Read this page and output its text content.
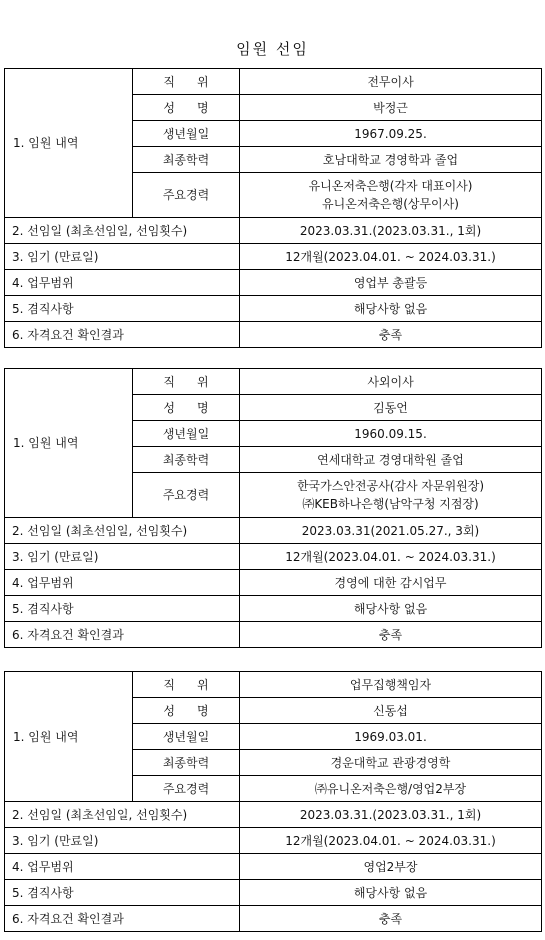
임원 선임
1. 임원 내역	직위	전무이사
	성명	박정근
	생년월일	1967.09.25.
	최종학력	호남대학교 경영학과 졸업
	주요경력	유니온저축은행(각자 대표이사)
유니온저축은행(상무이사)

2. 선임일 (최초선임일, 선임횟수)		2023.03.31.(2023.03.31., 1회)
3. 임기 (만료일)		12개월(2023.04.01. ~ 2024.03.31.)
4. 업무범위		영업부 총괄등
5. 겸직사항		해당사항 없음
6. 자격요건 확인결과		충족
1. 임원 내역	직위	사외이사
	성명	김동언
	생년월일	1960.09.15.
	최종학력	연세대학교 경영대학원 졸업
	주요경력	한국가스안전공사(감사 자문위원장)
㈜KEB하나은행(남악구청 지점장)

2. 선임일 (최초선임일, 선임횟수)		2023.03.31(2021.05.27., 3회)
3. 임기 (만료일)		12개월(2023.04.01. ~ 2024.03.31.)
4. 업무범위		경영에 대한 감시업무
5. 겸직사항		해당사항 없음
6. 자격요건 확인결과		충족
1. 임원 내역	직위	업무집행책임자
	성명	신동섭
	생년월일	1969.03.01.
	최종학력	경운대학교 관광경영학
	주요경력	㈜유니온저축은행/영업2부장
2. 선임일 (최초선임일, 선임횟수)		2023.03.31.(2023.03.31., 1회)
3. 임기 (만료일)		12개월(2023.04.01. ~ 2024.03.31.)
4. 업무범위		영업2부장
5. 겸직사항		해당사항 없음
6. 자격요건 확인결과		충족
